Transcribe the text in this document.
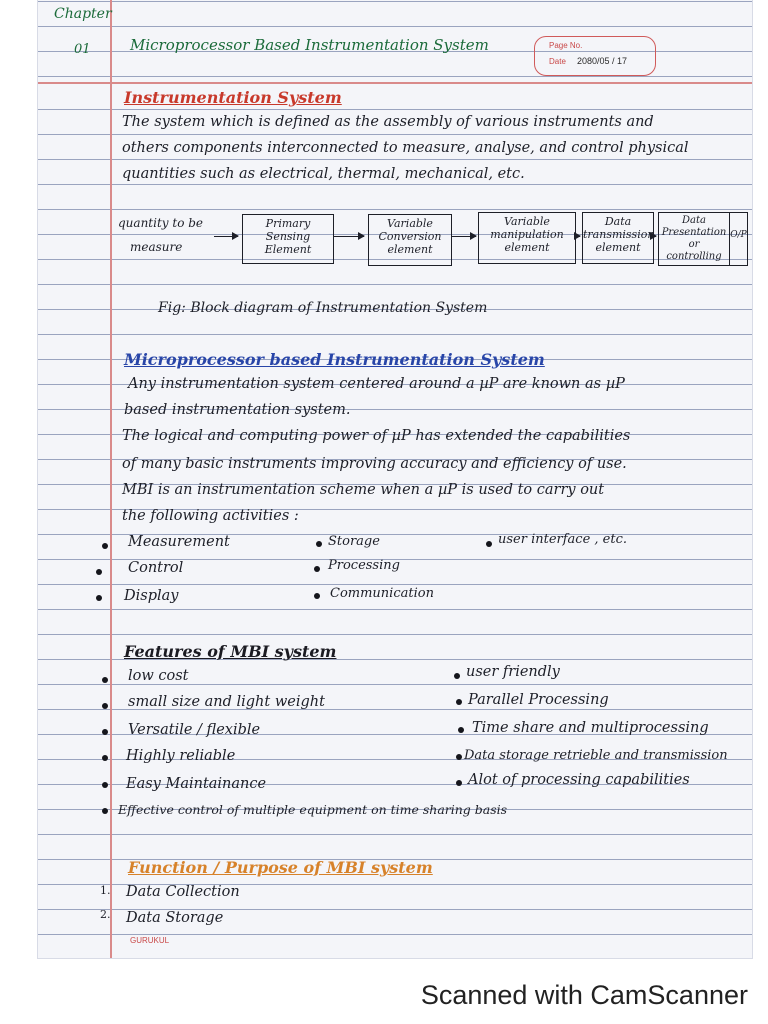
Chapter
01	Microprocessor Based Instrumentation System	Page No.
Date 2080/05 / 17
Instrumentation System
The system which is defined as the assembly of various instruments and
others components interconnected to measure, analyse, and control physical
quantities such as electrical, thermal, mechanical, etc.
quantity to be
measure
Primary Sensing
Element
Variable
Conversion
element
Variable
manipulation
element
Data
transmission
element
Data
Presentation
or
controlling
O/P
Fig: Block diagram of Instrumentation System
Microprocessor based Instrumentation System
Any instrumentation system centered around a µP are known as µP
based instrumentation system.
The logical and computing power of µP has extended the capabilities
of many basic instruments improving accuracy and efficiency of use.
MBI is an instrumentation scheme when a µP is used to carry out
the following activities :
Measurement
Control
Display
Storage
Processing
Communication
user interface , etc.
Features of MBI system
low cost
small size and light weight
Versatile / flexible
Highly reliable
Easy Maintainance
user friendly
Parallel Processing
Time share and multiprocessing
Data storage retrieble and transmission
Alot of processing capabilities
Effective control of multiple equipment on time sharing basis
Function / Purpose of MBI system
1. Data Collection
2. Data Storage
GURUKUL
Scanned with CamScanner
